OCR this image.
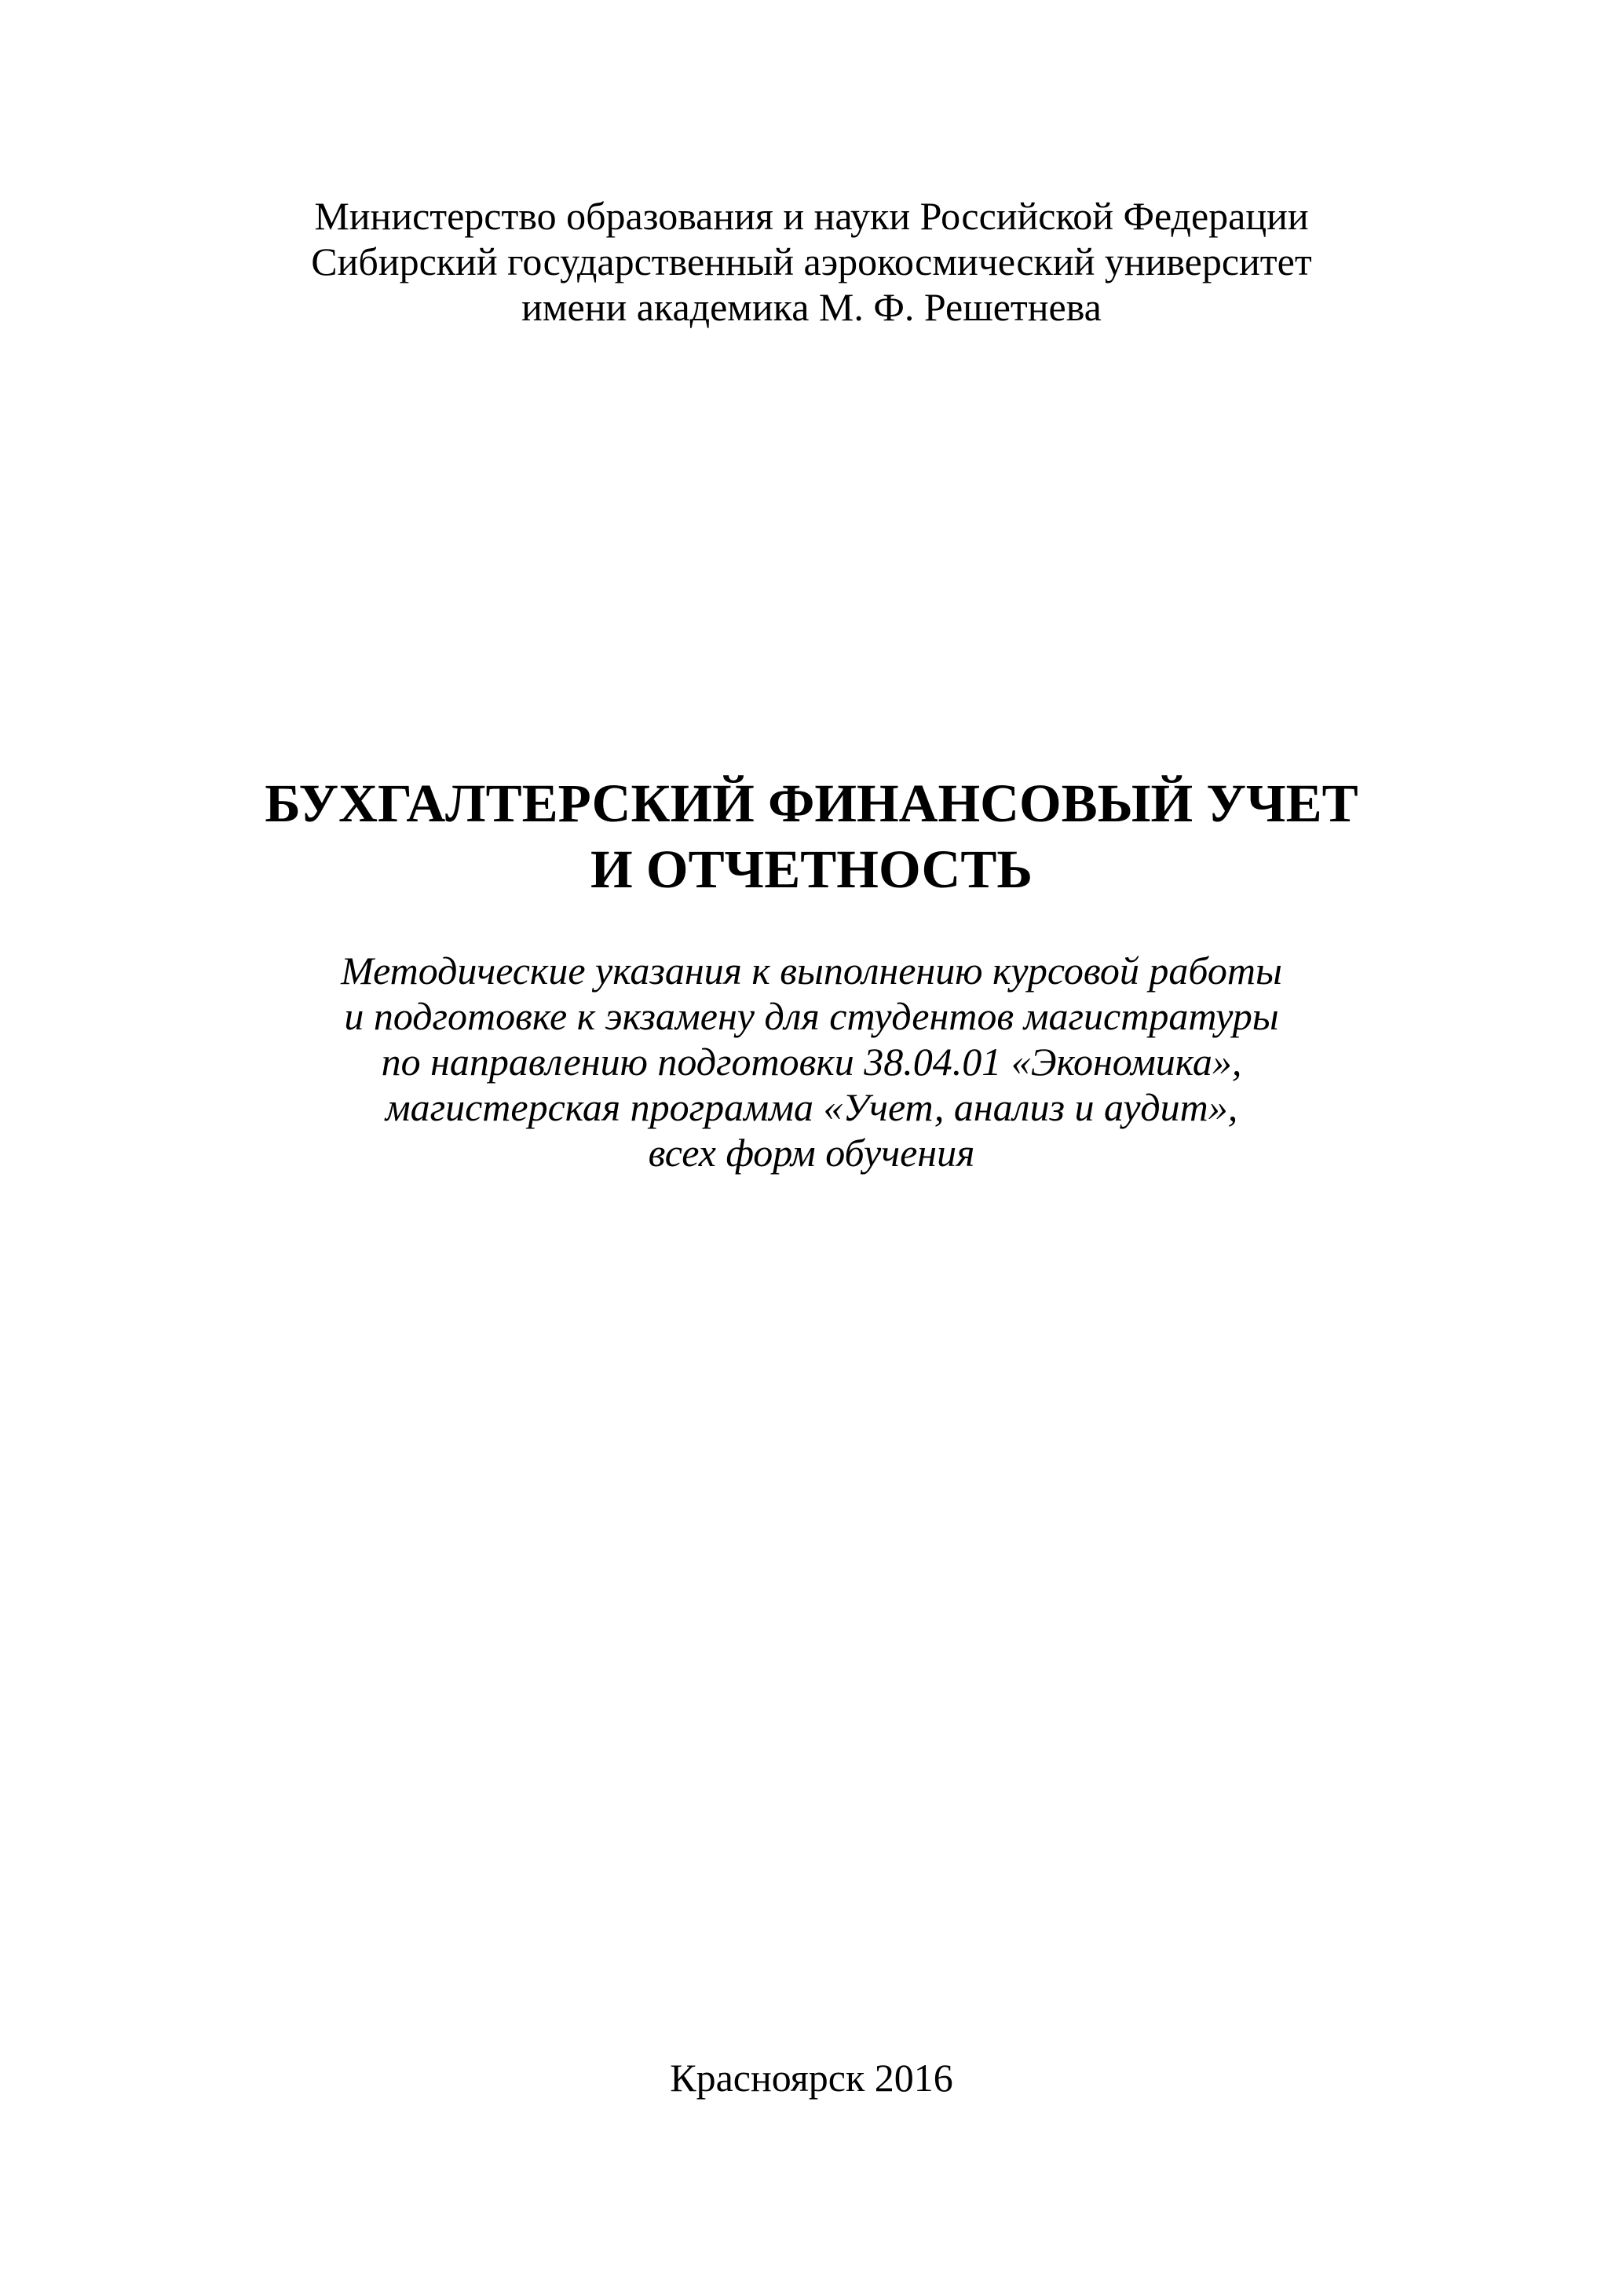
Министерство образования и науки Российской Федерации
Сибирский государственный аэрокосмический университет
имени академика М. Ф. Решетнева
БУХГАЛТЕРСКИЙ ФИНАНСОВЫЙ УЧЕТ
И ОТЧЕТНОСТЬ
Методические указания к выполнению курсовой работы
и подготовке к экзамену для студентов магистратуры
по направлению подготовки 38.04.01 «Экономика»,
магистерская программа «Учет, анализ и аудит»,
всех форм обучения
Красноярск 2016
